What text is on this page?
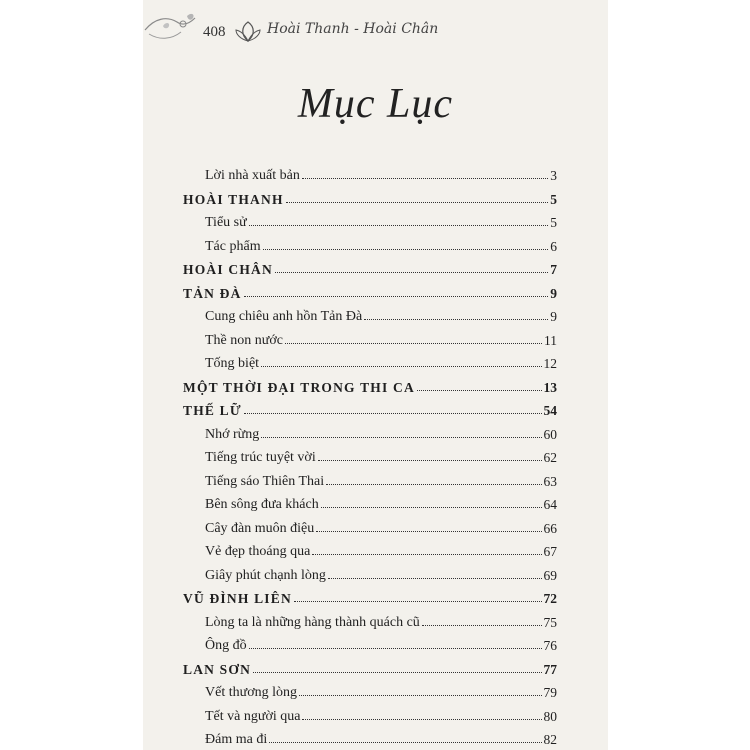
408	Hoài Thanh - Hoài Chân
Mục Lục
Lời nhà xuất bản	3
HOÀI THANH	5
Tiểu sử	5
Tác phẩm	6
HOÀI CHÂN	7
TẢN ĐÀ	9
Cung chiêu anh hồn Tản Đà	9
Thề non nước	11
Tống biệt	12
MỘT THỜI ĐẠI TRONG THI CA	13
THẾ LỮ	54
Nhớ rừng	60
Tiếng trúc tuyệt vời	62
Tiếng sáo Thiên Thai	63
Bên sông đưa khách	64
Cây đàn muôn điệu	66
Vẻ đẹp thoáng qua	67
Giây phút chạnh lòng	69
VŨ ĐÌNH LIÊN	72
Lòng ta là những hàng thành quách cũ	75
Ông đồ	76
LAN SƠN	77
Vết thương lòng	79
Tết và người qua	80
Đám ma đi	82
